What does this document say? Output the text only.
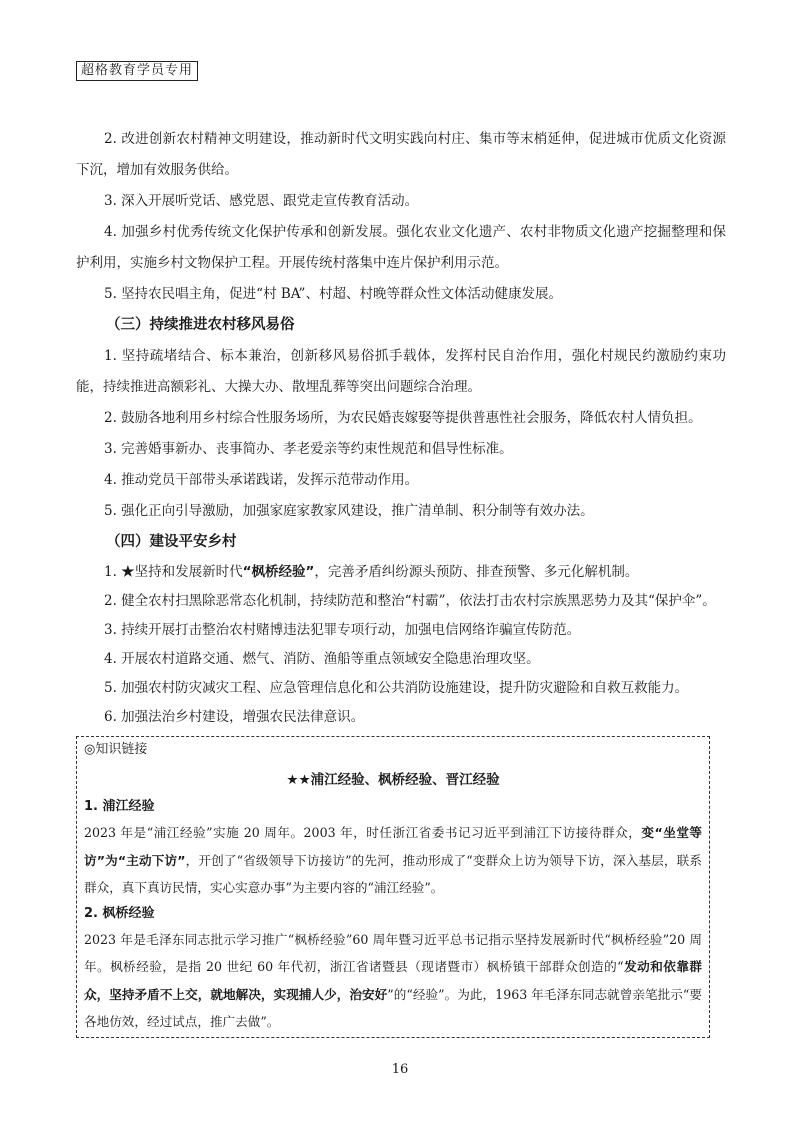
超格教育学员专用

2. 改进创新农村精神文明建设，推动新时代文明实践向村庄、集市等末梢延伸，促进城市优质文化资源下沉，增加有效服务供给。

3. 深入开展听党话、感党恩、跟党走宣传教育活动。

4. 加强乡村优秀传统文化保护传承和创新发展。强化农业文化遗产、农村非物质文化遗产挖掘整理和保护利用，实施乡村文物保护工程。开展传统村落集中连片保护利用示范。

5. 坚持农民唱主角，促进“村 BA”、村超、村晚等群众性文体活动健康发展。

（三）持续推进农村移风易俗

1. 坚持疏堵结合、标本兼治，创新移风易俗抓手载体，发挥村民自治作用，强化村规民约激励约束功能，持续推进高额彩礼、大操大办、散埋乱葬等突出问题综合治理。

2. 鼓励各地利用乡村综合性服务场所，为农民婚丧嫁娶等提供普惠性社会服务，降低农村人情负担。

3. 完善婚事新办、丧事简办、孝老爱亲等约束性规范和倡导性标准。

4. 推动党员干部带头承诺践诺，发挥示范带动作用。

5. 强化正向引导激励，加强家庭家教家风建设，推广清单制、积分制等有效办法。

（四）建设平安乡村

1. ★坚持和发展新时代“枫桥经验”，完善矛盾纠纷源头预防、排查预警、多元化解机制。

2. 健全农村扫黑除恶常态化机制，持续防范和整治“村霸”，依法打击农村宗族黑恶势力及其“保护伞”。

3. 持续开展打击整治农村赌博违法犯罪专项行动，加强电信网络诈骗宣传防范。

4. 开展农村道路交通、燃气、消防、渔船等重点领域安全隐患治理攻坚。

5. 加强农村防灾减灾工程、应急管理信息化和公共消防设施建设，提升防灾避险和自救互救能力。

6. 加强法治乡村建设，增强农民法律意识。

◎知识链接

★★浦江经验、枫桥经验、晋江经验

1. 浦江经验

2023 年是“浦江经验”实施 20 周年。2003 年，时任浙江省委书记习近平到浦江下访接待群众，变“坐堂等访”为“主动下访”，开创了“省级领导下访接访”的先河，推动形成了“变群众上访为领导下访，深入基层，联系群众，真下真访民情，实心实意办事”为主要内容的“浦江经验”。

2. 枫桥经验

2023 年是毛泽东同志批示学习推广“枫桥经验”60 周年暨习近平总书记指示坚持发展新时代“枫桥经验”20 周年。枫桥经验，是指 20 世纪 60 年代初，浙江省诸暨县（现诸暨市）枫桥镇干部群众创造的“发动和依靠群众，坚持矛盾不上交，就地解决，实现捕人少，治安好”的“经验”。为此，1963 年毛泽东同志就曾亲笔批示“要各地仿效，经过试点，推广去做”。

16
